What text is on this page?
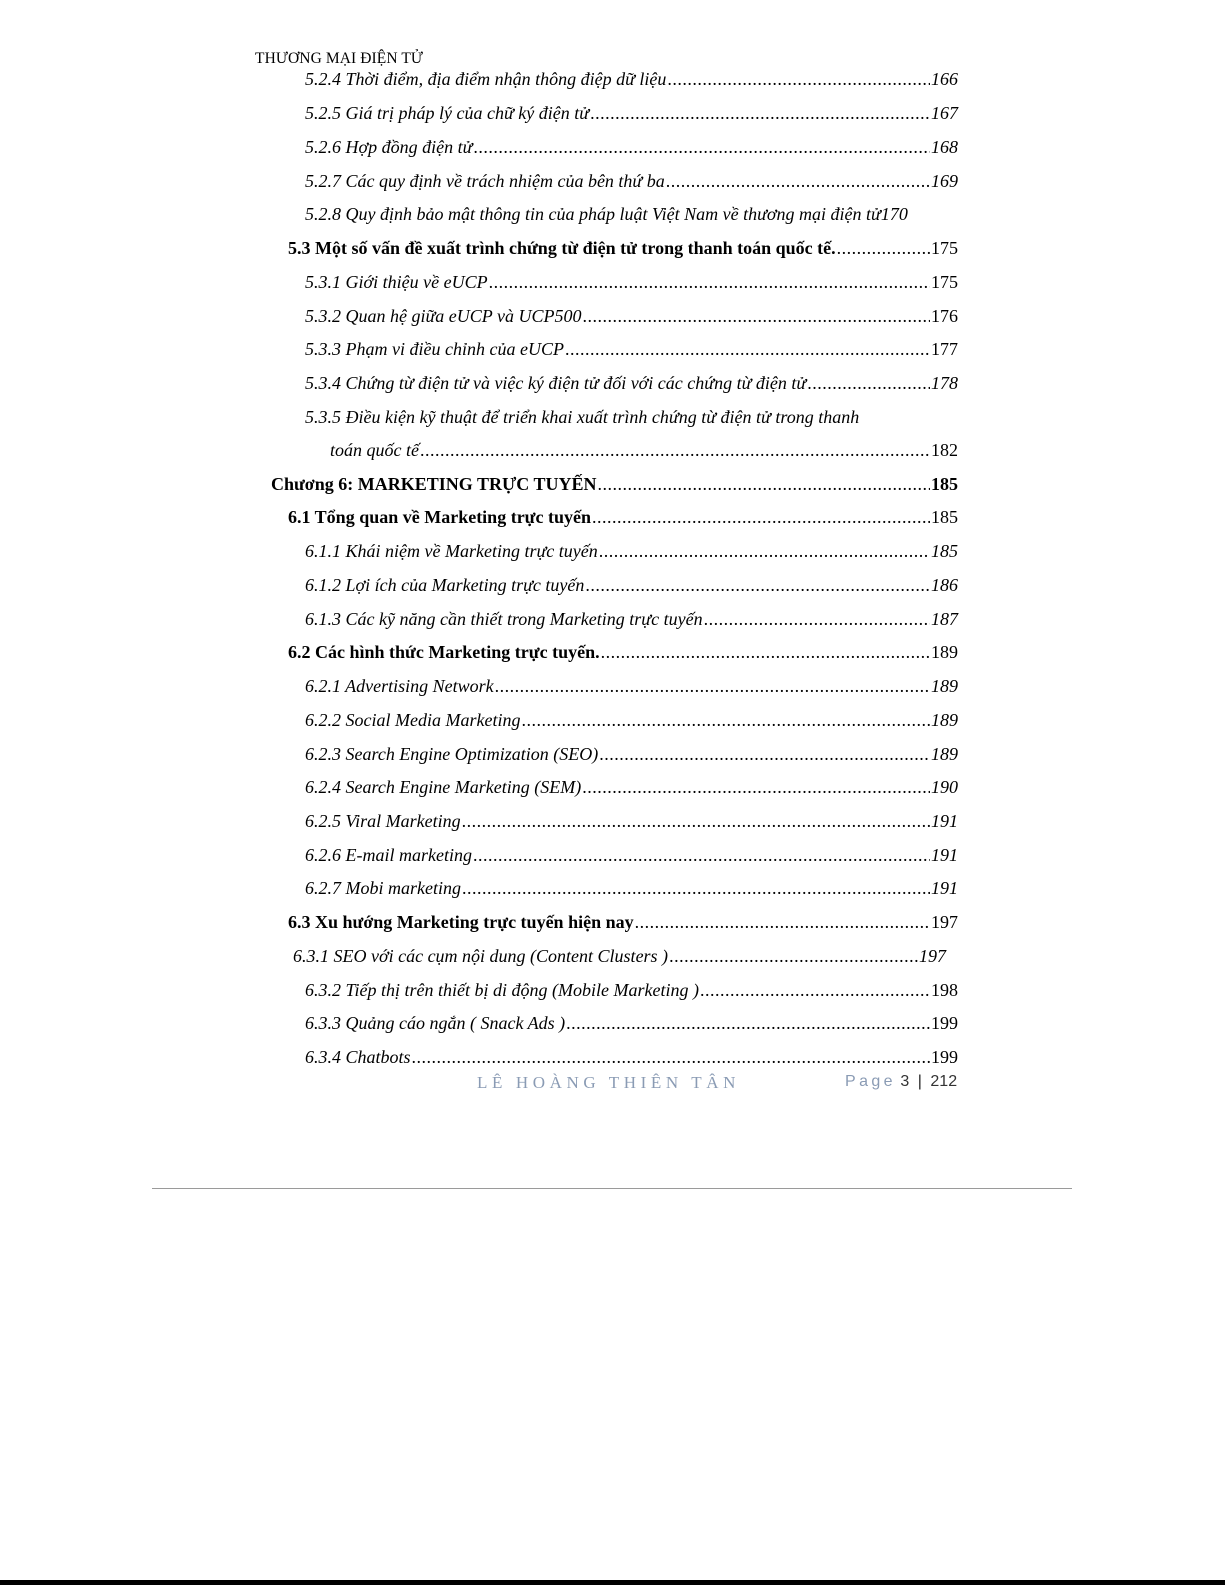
THƯƠNG MẠI ĐIỆN TỬ
5.2.4 Thời điểm, địa điểm nhận thông điệp dữ liệu .....	166
5.2.5 Giá trị pháp lý của chữ ký điện tử .....	167
5.2.6 Hợp đồng điện tử .....	168
5.2.7 Các quy định về trách nhiệm của bên thứ ba .....	169
5.2.8 Quy định bảo mật thông tin của pháp luật Việt Nam về thương mại điện tử170
5.3 Một số vấn đề xuất trình chứng từ điện tử trong thanh toán quốc tế. .....	175
5.3.1 Giới thiệu về eUCP .....	175
5.3.2 Quan hệ giữa eUCP và UCP500 .....	176
5.3.3 Phạm vi điều chỉnh của eUCP .....	177
5.3.4 Chứng từ điện tử và việc ký điện tử đối với các chứng từ điện tử .....	178
5.3.5 Điều kiện kỹ thuật để triển khai xuất trình chứng từ điện tử trong thanh
toán quốc tế .....	182
Chương 6: MARKETING TRỰC TUYẾN .....	185
6.1 Tổng quan về Marketing trực tuyến .....	185
6.1.1 Khái niệm về Marketing trực tuyến .....	185
6.1.2 Lợi ích của Marketing trực tuyến .....	186
6.1.3 Các kỹ năng cần thiết trong Marketing trực tuyến .....	187
6.2 Các hình thức Marketing trực tuyến. .....	189
6.2.1 Advertising Network .....	189
6.2.2 Social Media Marketing .....	189
6.2.3 Search Engine Optimization (SEO) .....	189
6.2.4 Search Engine Marketing (SEM) .....	190
6.2.5 Viral Marketing .....	191
6.2.6 E-mail marketing .....	191
6.2.7 Mobi marketing .....	191
6.3 Xu hướng Marketing trực tuyến hiện nay .....	197
6.3.1 SEO với các cụm nội dung (Content Clusters ) .....	197
6.3.2 Tiếp thị trên thiết bị di động (Mobile Marketing ) .....	198
6.3.3 Quảng cáo ngắn ( Snack Ads ) .....	199
6.3.4 Chatbots .....	199
LÊ HOÀNG THIÊN TÂN	Page 3 | 212
